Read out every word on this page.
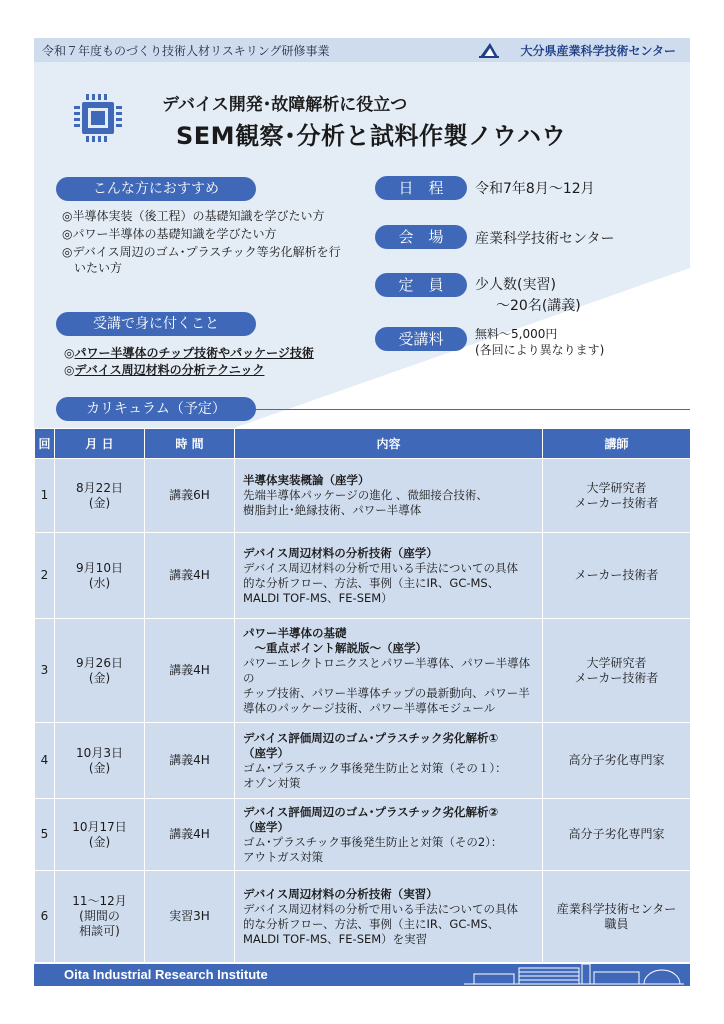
令和７年度ものづくり技術人材リスキリング研修事業	大分県産業科学技術センター
デバイス開発･故障解析に役立つ
SEM観察･分析と試料作製ノウハウ
こんな方におすすめ
◎半導体実装（後工程）の基礎知識を学びたい方
◎パワー半導体の基礎知識を学びたい方
◎デバイス周辺のゴム･プラスチック等劣化解析を行いたい方
受講で身に付くこと
◎パワー半導体のチップ技術やパッケージ技術
◎デバイス周辺材料の分析テクニック
日　程	令和7年8月～12月
会　場	産業科学技術センター
定　員	少人数(実習)
～20名(講義)
受講料	無料～5,000円
(各回により異なります)
カリキュラム（予定）
回	月 日	時 間	内容	講師
1	8月22日
(金)	講義6H	半導体実装概論（座学）
先端半導体パッケージの進化 、微細接合技術、
樹脂封止･絶縁技術、パワー半導体	大学研究者
メーカー技術者
2	9月10日
(水)	講義4H	デバイス周辺材料の分析技術（座学）
デバイス周辺材料の分析で用いる手法についての具体
的な分析フロー、方法、事例（主にIR、GC-MS、
MALDI TOF-MS、FE-SEM）	メーカー技術者
3	9月26日
(金)	講義4H	パワー半導体の基礎
　～重点ポイント解説版～（座学）
パワーエレクトロニクスとパワー半導体、パワー半導体の
チップ技術、パワー半導体チップの最新動向、パワー半
導体のパッケージ技術、パワー半導体モジュール	大学研究者
メーカー技術者
4	10月3日
(金)	講義4H	デバイス評価周辺のゴム･プラスチック劣化解析①
（座学）
ゴム･プラスチック事後発生防止と対策（その１）：
オゾン対策	高分子劣化専門家
5	10月17日
(金)	講義4H	デバイス評価周辺のゴム･プラスチック劣化解析②
（座学）
ゴム･プラスチック事後発生防止と対策（その2）：
アウトガス対策	高分子劣化専門家
6	11～12月
(期間の
相談可)	実習3H	デバイス周辺材料の分析技術（実習）
デバイス周辺材料の分析で用いる手法についての具体
的な分析フロー、方法、事例（主にIR、GC-MS、
MALDI TOF-MS、FE-SEM）を実習	産業科学技術センター
職員
Oita Industrial Research Institute
